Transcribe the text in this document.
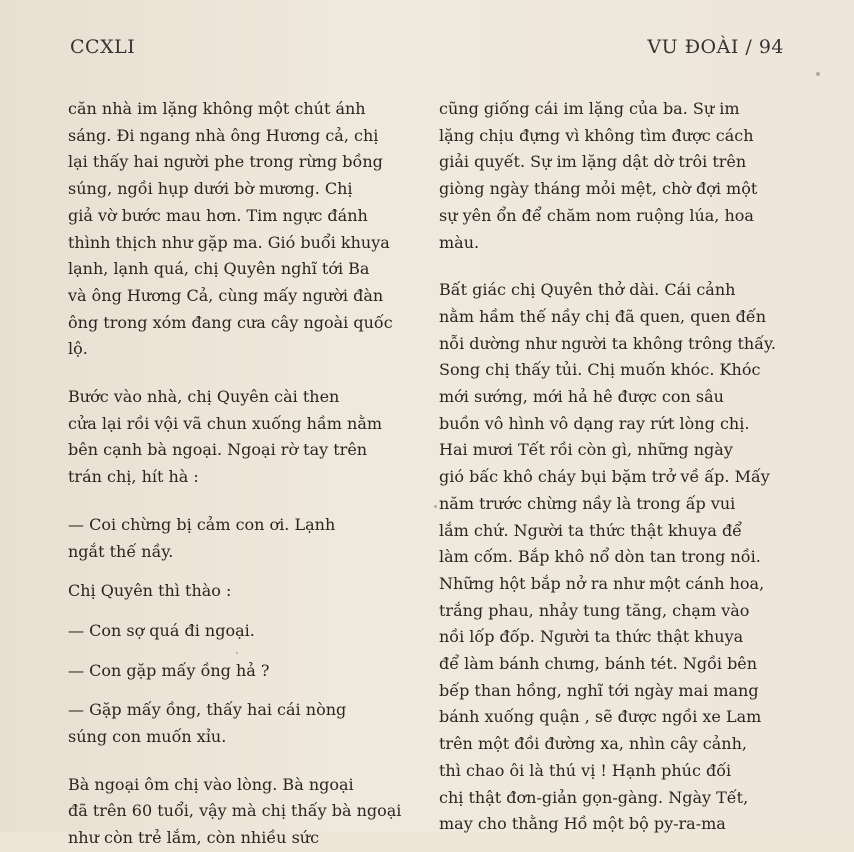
CCXLI	VU ĐOÀI / 94

căn nhà im lặng không một chút ánh
sáng. Đi ngang nhà ông Hương cả, chị
lại thấy hai người phe trong rừng bồng
súng, ngồi hụp dưới bờ mương. Chị
giả vờ bước mau hơn. Tim ngực đánh
thình thịch như gặp ma. Gió buổi khuya
lạnh, lạnh quá, chị Quyên nghĩ tới Ba
và ông Hương Cả, cùng mấy người đàn
ông trong xóm đang cưa cây ngoài quốc
lộ.

Bước vào nhà, chị Quyên cài then
cửa lại rồi vội vã chun xuống hầm nằm
bên cạnh bà ngoại. Ngoại rờ tay trên
trán chị, hít hà :

— Coi chừng bị cảm con ơi. Lạnh
ngắt thế nầy.

Chị Quyên thì thào :

— Con sợ quá đi ngoại.

— Con gặp mấy ồng hả ?

— Gặp mấy ồng, thấy hai cái nòng
súng con muốn xỉu.

Bà ngoại ôm chị vào lòng. Bà ngoại
đã trên 60 tuổi, vậy mà chị thấy bà ngoại
như còn trẻ lắm, còn nhiều sức

cũng giống cái im lặng của ba. Sự im
lặng chịu đựng vì không tìm được cách
giải quyết. Sự im lặng dật dờ trôi trên
giòng ngày tháng mỏi mệt, chờ đợi một
sự yên ổn để chăm nom ruộng lúa, hoa
màu.

Bất giác chị Quyên thở dài. Cái cảnh
nằm hầm thế nầy chị đã quen, quen đến
nỗi dường như người ta không trông thấy.
Song chị thấy tủi. Chị muốn khóc. Khóc
mới sướng, mới hả hê được con sâu
buồn vô hình vô dạng ray rứt lòng chị.
Hai mươi Tết rồi còn gì, những ngày
gió bấc khô cháy bụi bặm trở về ấp. Mấy
năm trước chừng nầy là trong ấp vui
lắm chứ. Người ta thức thật khuya để
làm cốm. Bắp khô nổ dòn tan trong nồi.
Những hột bắp nở ra như một cánh hoa,
trắng phau, nhảy tung tăng, chạm vào
nồi lốp đốp. Người ta thức thật khuya
để làm bánh chưng, bánh tét. Ngồi bên
bếp than hồng, nghĩ tới ngày mai mang
bánh xuống quận , sẽ được ngồi xe Lam
trên một đồi đường xa, nhìn cây cảnh,
thì chao ôi là thú vị ! Hạnh phúc đối
chị thật đơn-giản gọn-gàng. Ngày Tết,
may cho thằng Hồ một bộ py-ra-ma
